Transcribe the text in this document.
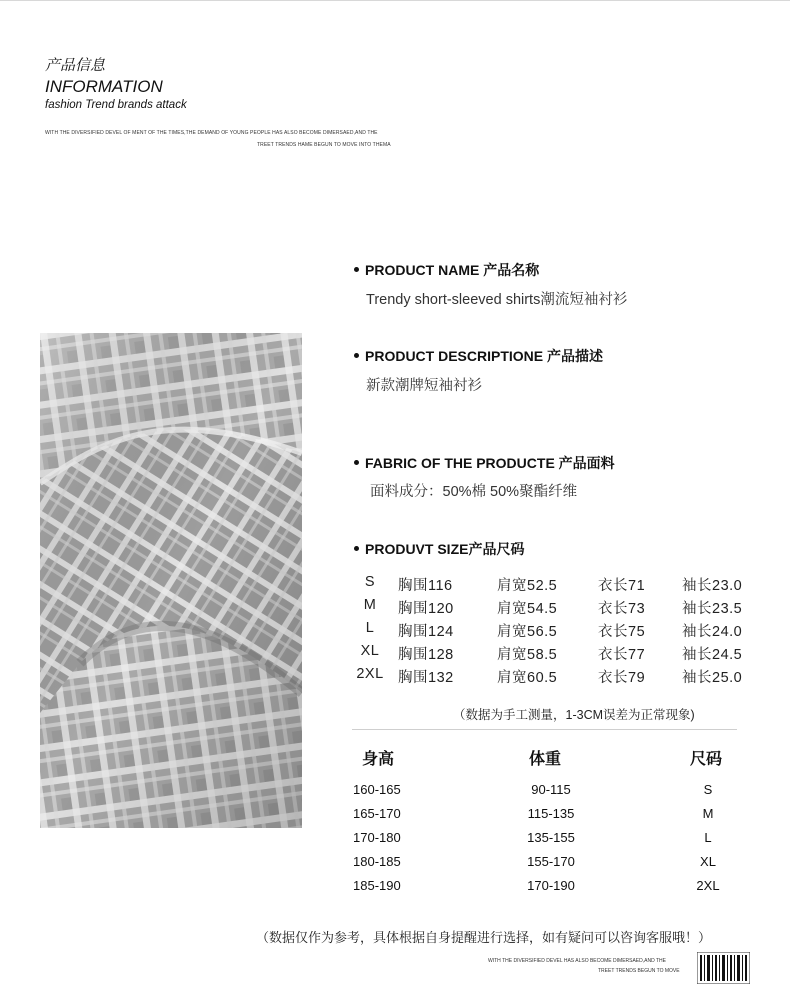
产品信息
INFORMATION
fashion Trend brands attack
WITH THE DIVERSIFIED DEVEL OF MENT OF THE TIMES,THE DEMAND OF YOUNG PEOPLE HAS ALSO BECOME DIMERSAED,AND THE
TREET TRENDS HAME BEGUN TO MOVE INTO THEMA
PRODUCT NAME 产品名称
Trendy short-sleeved shirts潮流短袖衬衫
PRODUCT DESCRIPTIONE 产品描述
新款潮牌短袖衬衫
FABRIC OF THE PRODUCTE 产品面料
面料成分：50%棉 50%聚酯纤维
PRODUVT SIZE产品尺码
S	胸围116	肩宽52.5	衣长71	袖长23.0
M	胸围120	肩宽54.5	衣长73	袖长23.5
L	胸围124	肩宽56.5	衣长75	袖长24.0
XL	胸围128	肩宽58.5	衣长77	袖长24.5
2XL 胸围132	肩宽60.5	衣长79	袖长25.0
（数据为手工测量，1-3CM误差为正常现象)
身高	体重	尺码
160-165	90-115	S
165-170	115-135	M
170-180	135-155	L
180-185	155-170	XL
185-190	170-190	2XL
（数据仅作为参考，具体根据自身提醒进行选择，如有疑问可以咨询客服哦！）
WITH THE DIVERSIFIED DEVEL HAS ALSO BECOME DIMERSAED,AND THE
TREET TRENDS BEGUN TO MOVE
